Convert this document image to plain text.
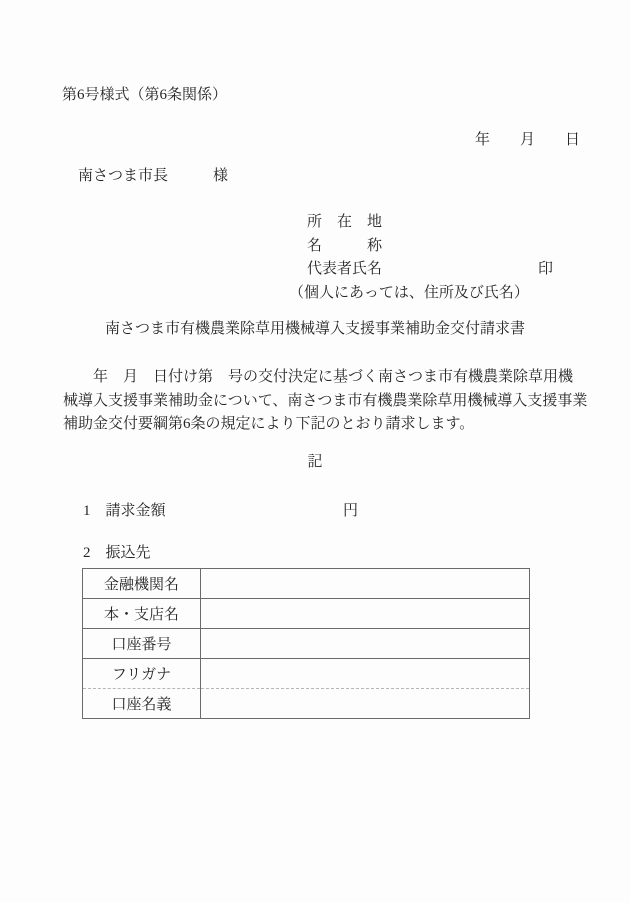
第6号様式（第6条関係）
年　　月　　日
南さつま市長　　　様
所　在　地
名　　　称
代表者氏名	印
（個人にあっては、住所及び氏名）
南さつま市有機農業除草用機械導入支援事業補助金交付請求書
　　年　月　日付け第　号の交付決定に基づく南さつま市有機農業除草用機
械導入支援事業補助金について、南さつま市有機農業除草用機械導入支援事業
補助金交付要綱第6条の規定により下記のとおり請求します。
記
1　 請求金額	円
2　 振込先
金融機関名	
本・支店名	
口座番号	
フリガナ	
口座名義	
